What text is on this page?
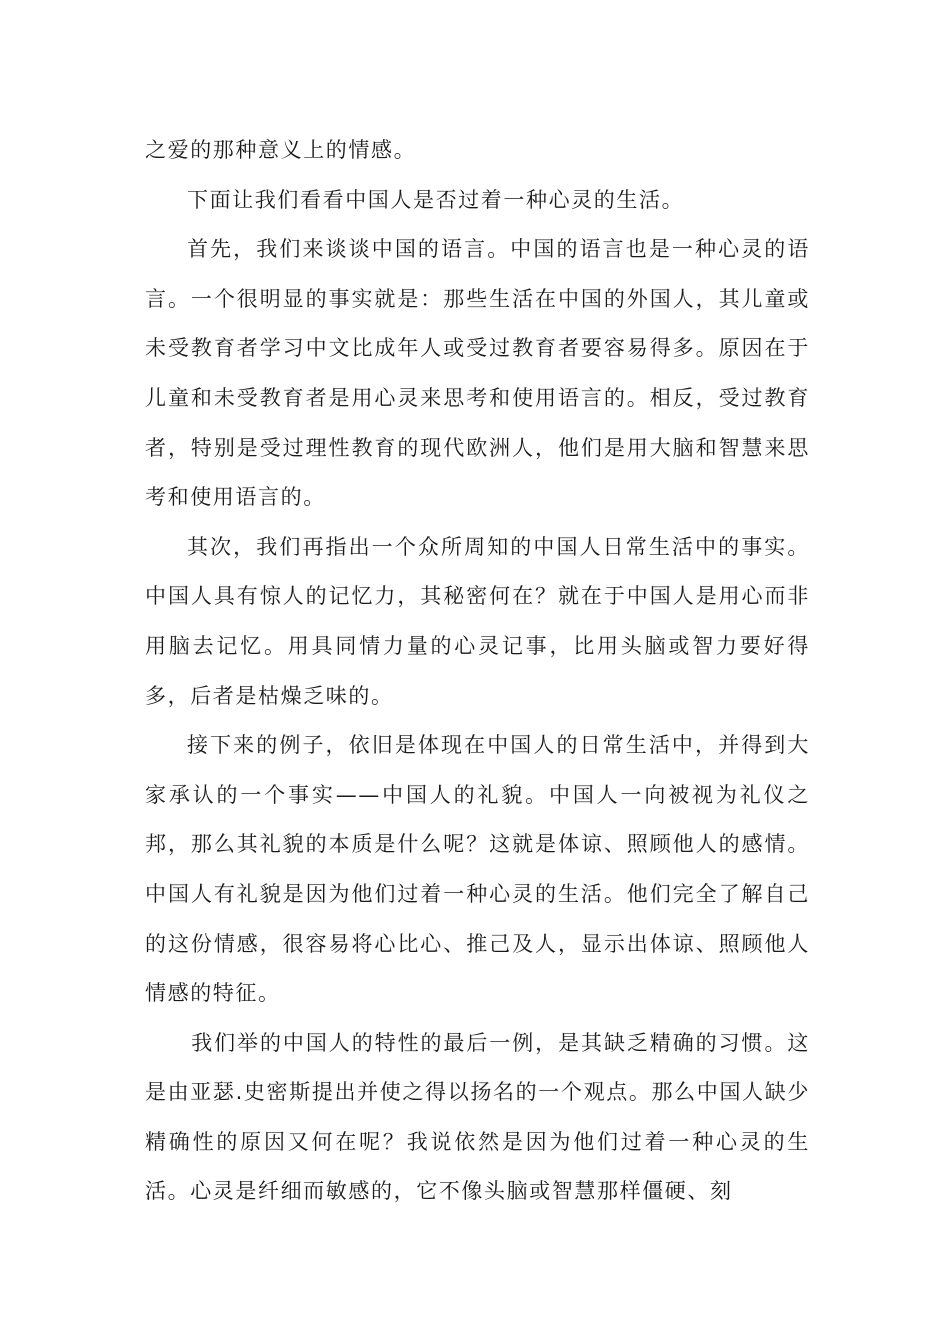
之爱的那种意义上的情感。

下面让我们看看中国人是否过着一种心灵的生活。

首先，我们来谈谈中国的语言。中国的语言也是一种心灵的语言。一个很明显的事实就是：那些生活在中国的外国人，其儿童或未受教育者学习中文比成年人或受过教育者要容易得多。原因在于儿童和未受教育者是用心灵来思考和使用语言的。相反，受过教育者，特别是受过理性教育的现代欧洲人，他们是用大脑和智慧来思考和使用语言的。

其次，我们再指出一个众所周知的中国人日常生活中的事实。中国人具有惊人的记忆力，其秘密何在？就在于中国人是用心而非用脑去记忆。用具同情力量的心灵记事，比用头脑或智力要好得多，后者是枯燥乏味的。

接下来的例子，依旧是体现在中国人的日常生活中，并得到大家承认的一个事实——中国人的礼貌。中国人一向被视为礼仪之邦，那么其礼貌的本质是什么呢？这就是体谅、照顾他人的感情。中国人有礼貌是因为他们过着一种心灵的生活。他们完全了解自己的这份情感，很容易将心比心、推己及人，显示出体谅、照顾他人情感的特征。

我们举的中国人的特性的最后一例，是其缺乏精确的习惯。这是由亚瑟.史密斯提出并使之得以扬名的一个观点。那么中国人缺少精确性的原因又何在呢？我说依然是因为他们过着一种心灵的生活。心灵是纤细而敏感的，它不像头脑或智慧那样僵硬、刻
